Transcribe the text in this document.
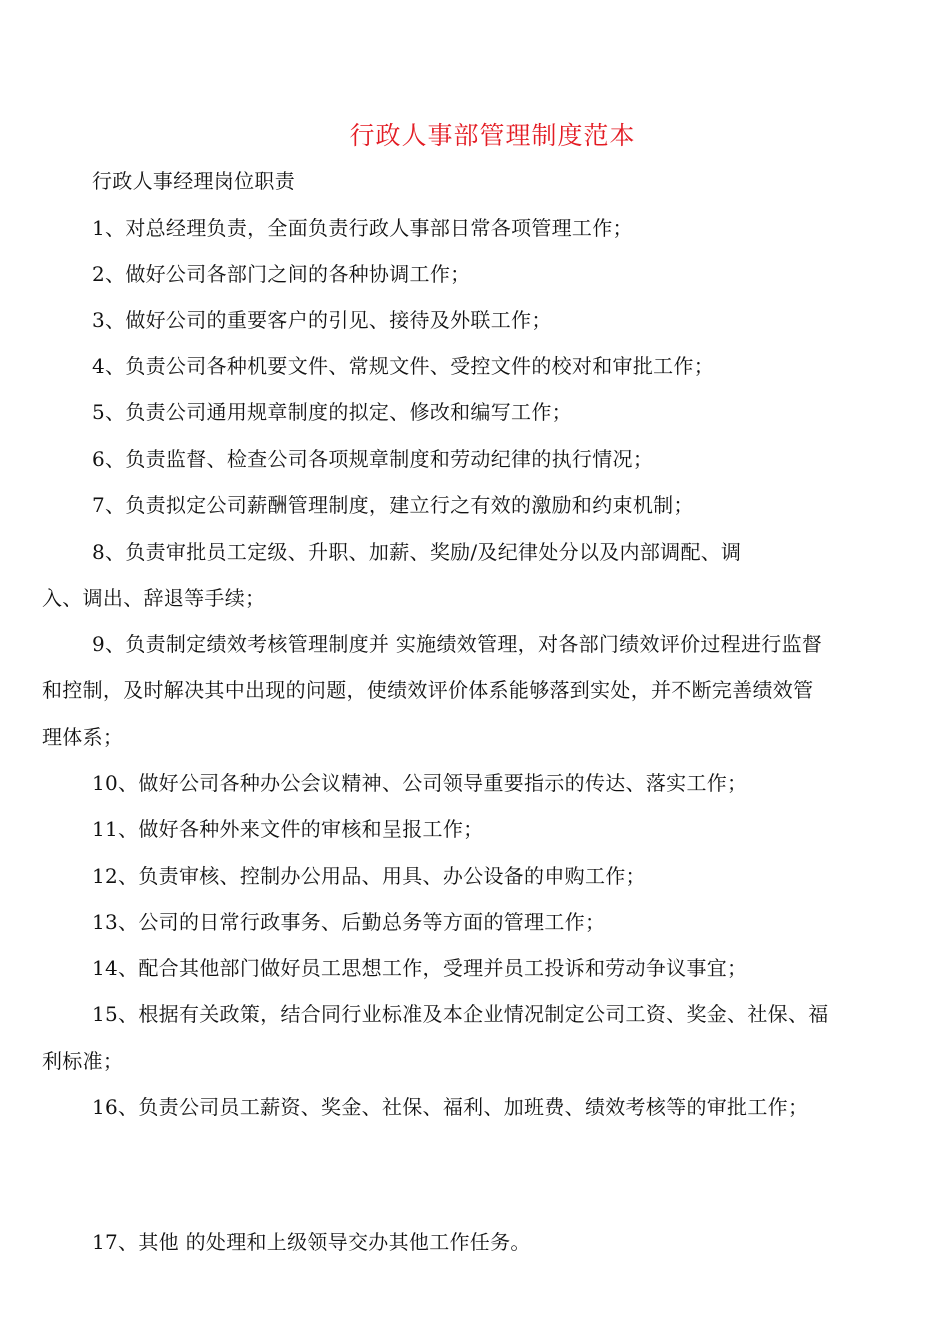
行政人事部管理制度范本
行政人事经理岗位职责
1、对总经理负责，全面负责行政人事部日常各项管理工作；
2、做好公司各部门之间的各种协调工作；
3、做好公司的重要客户的引见、接待及外联工作；
4、负责公司各种机要文件、常规文件、受控文件的校对和审批工作；
5、负责公司通用规章制度的拟定、修改和编写工作；
6、负责监督、检查公司各项规章制度和劳动纪律的执行情况；
7、负责拟定公司薪酬管理制度，建立行之有效的激励和约束机制；
8、负责审批员工定级、升职、加薪、奖励/及纪律处分以及内部调配、调
入、调出、辞退等手续；
9、负责制定绩效考核管理制度并 实施绩效管理，对各部门绩效评价过程进行监督
和控制，及时解决其中出现的问题，使绩效评价体系能够落到实处，并不断完善绩效管
理体系；
10、做好公司各种办公会议精神、公司领导重要指示的传达、落实工作；
11、做好各种外来文件的审核和呈报工作；
12、负责审核、控制办公用品、用具、办公设备的申购工作；
13、公司的日常行政事务、后勤总务等方面的管理工作；
14、配合其他部门做好员工思想工作，受理并员工投诉和劳动争议事宜；
15、根据有关政策，结合同行业标准及本企业情况制定公司工资、奖金、社保、福
利标准；
16、负责公司员工薪资、奖金、社保、福利、加班费、绩效考核等的审批工作；
17、其他 的处理和上级领导交办其他工作任务。
